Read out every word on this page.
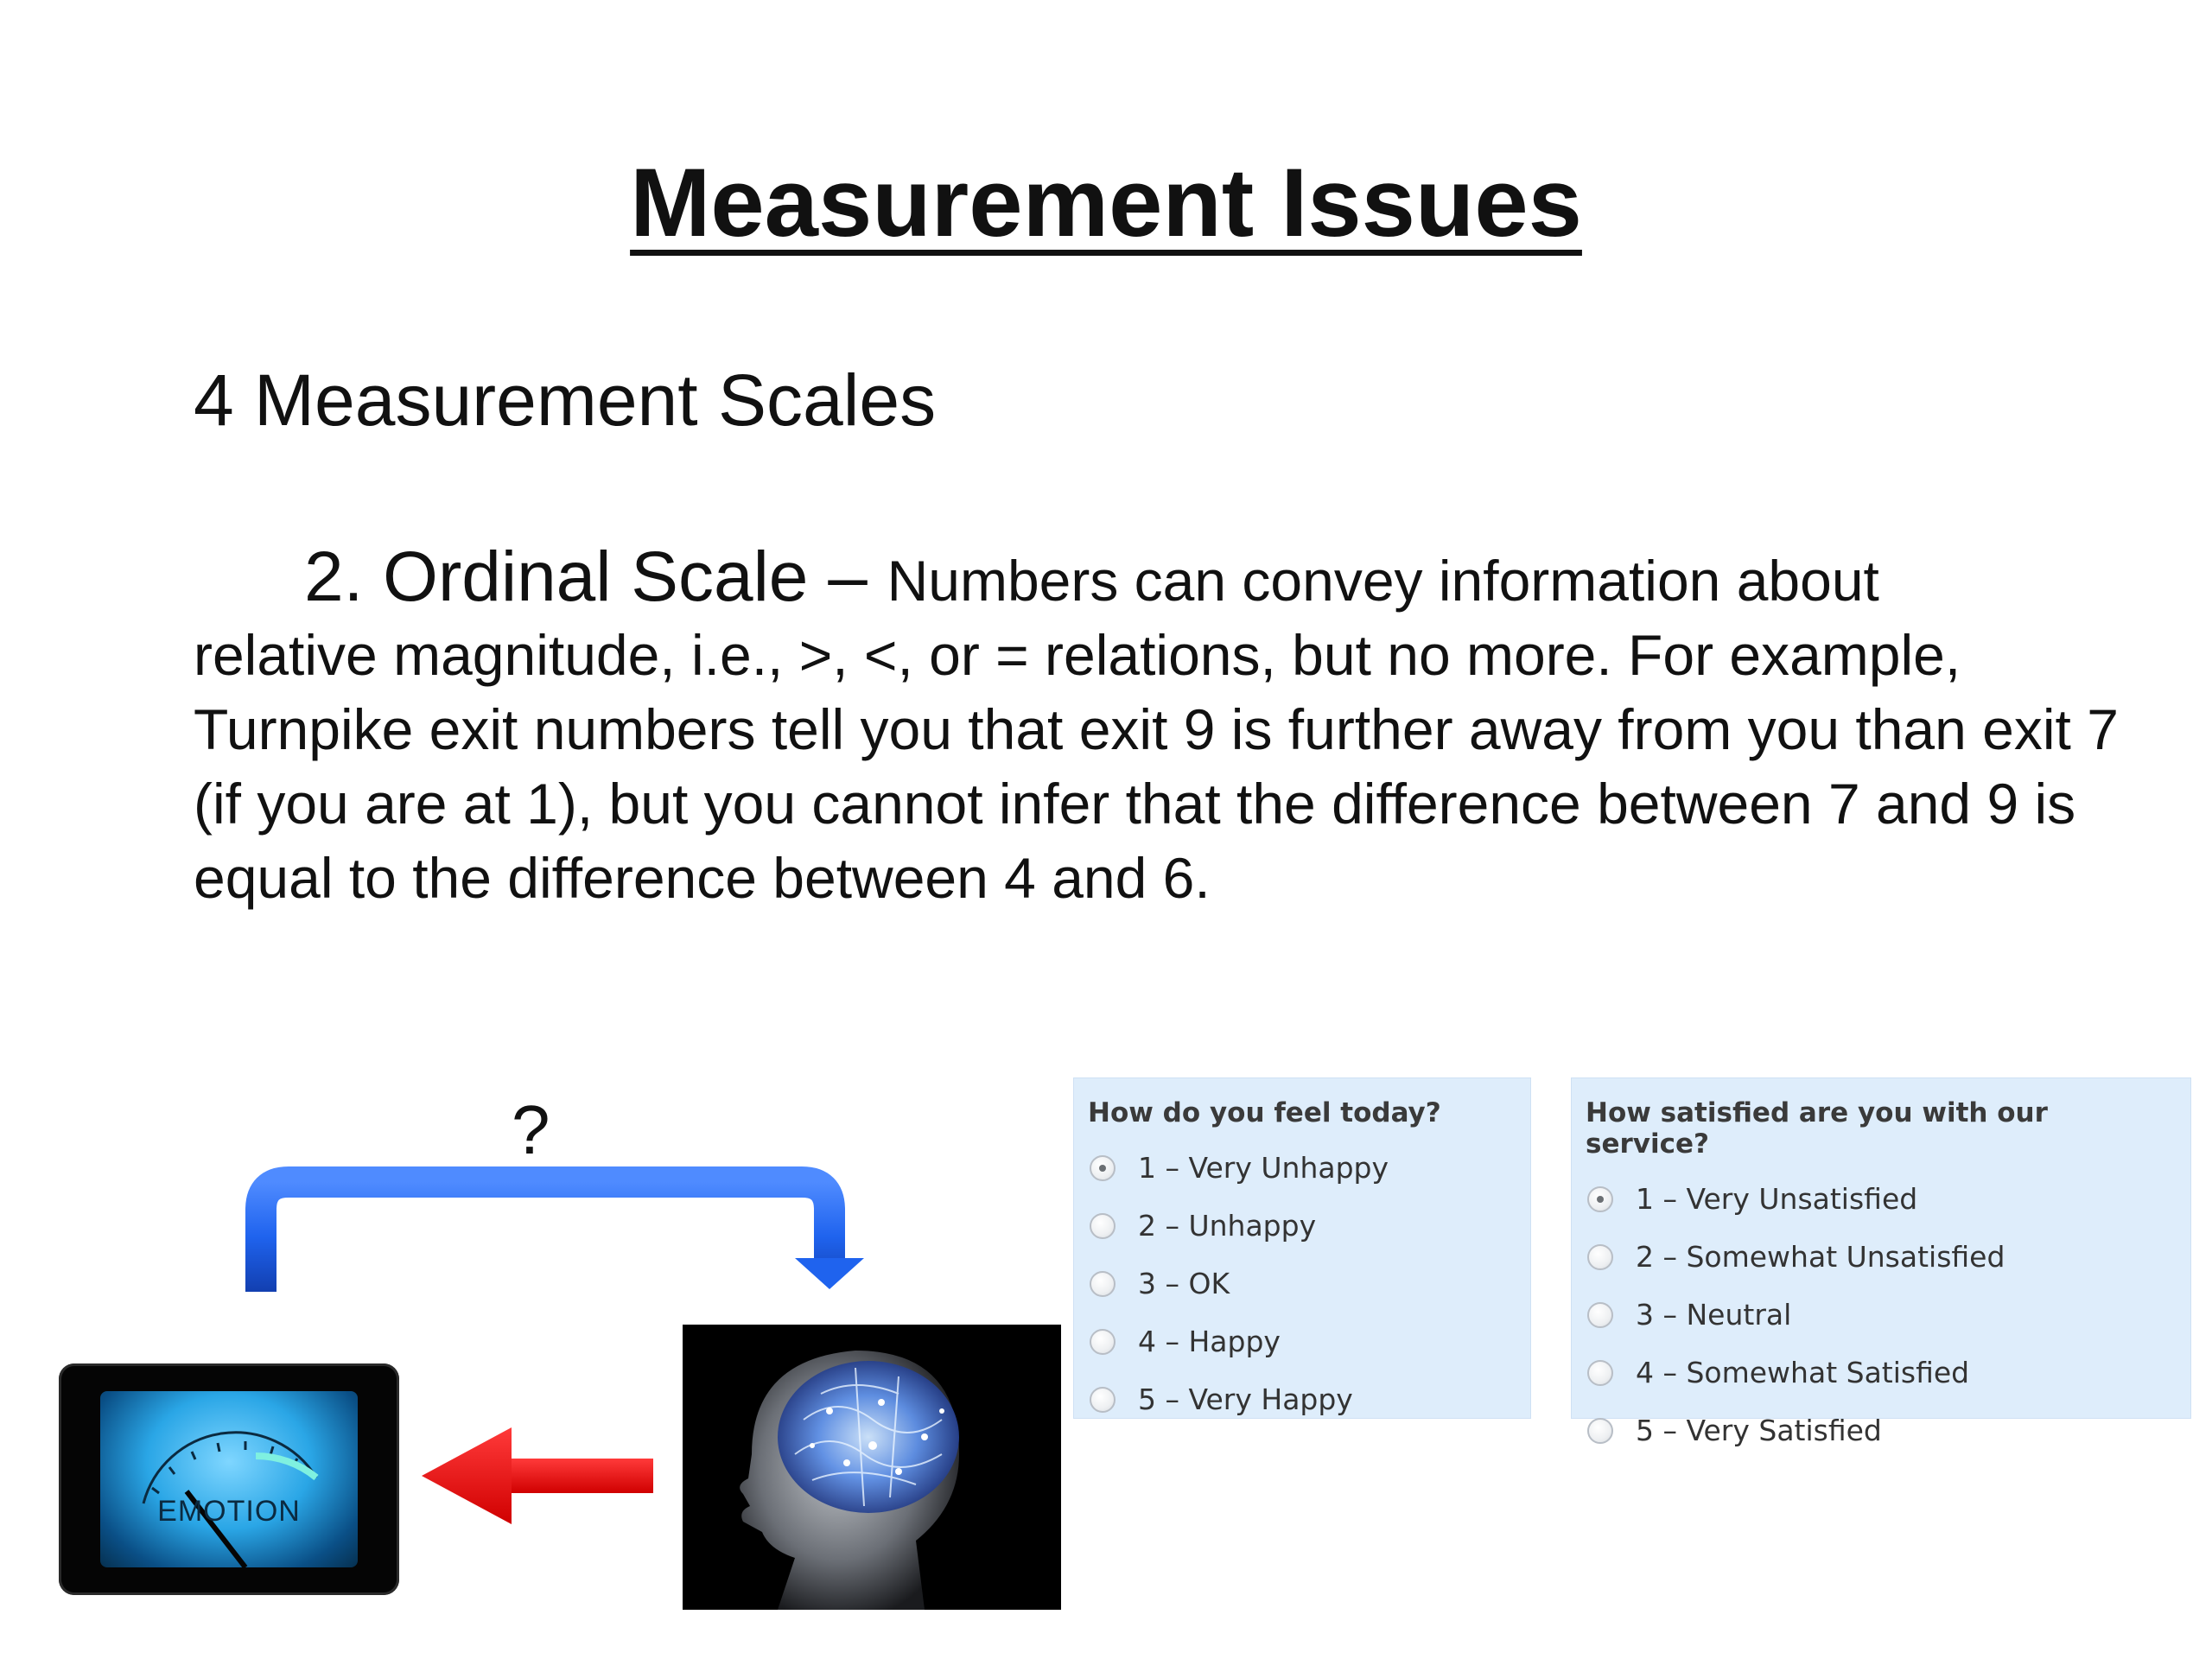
Measurement Issues

4 Measurement Scales

2. Ordinal Scale – Numbers can convey information about
relative magnitude, i.e., >, <, or = relations, but no more. For example, Turnpike exit numbers tell you that exit 9 is further away from you than exit 7 (if you are at 1), but you cannot infer that the difference between 7 and 9 is equal to the difference between 4 and 6.

?
EMOTION
How do you feel today?
1 – Very Unhappy
2 – Unhappy
3 – OK
4 – Happy
5 – Very Happy
How satisfied are you with our service?
1 – Very Unsatisfied
2 – Somewhat Unsatisfied
3 – Neutral
4 – Somewhat Satisfied
5 – Very Satisfied
